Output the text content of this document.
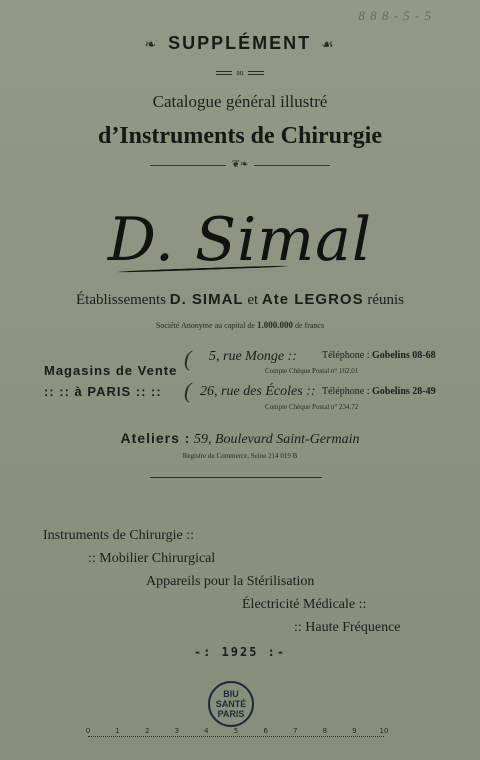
8 8 8 - 5 - 5
❧ SUPPLÉMENT ☙
au
Catalogue général illustré
d’Instruments de Chirurgie
❦❧
D. Simal
Établissements D. SIMAL et Ate LEGROS réunis
Société Anonyme au capital de 1.000.000 de francs
Magasins de Vente
:: :: à PARIS :: ::
(
(
5, rue Monge ::	Téléphone : Gobelins 08-68
Compte Chèque Postal n° 162.01
26, rue des Écoles :: Téléphone : Gobelins 28-49
Compte Chèque Postal n° 234.72
Ateliers : 59, Boulevard Saint-Germain
Registre du Commerce, Seine 214 019 B
Instruments de Chirurgie ::
:: Mobilier Chirurgical
Appareils pour la Stérilisation
Électricité Médicale ::
:: Haute Fréquence
-: 1925 :-
BIU
SANTÉ
PARIS
0	1	2	3	4	5	6	7	8	9	10
